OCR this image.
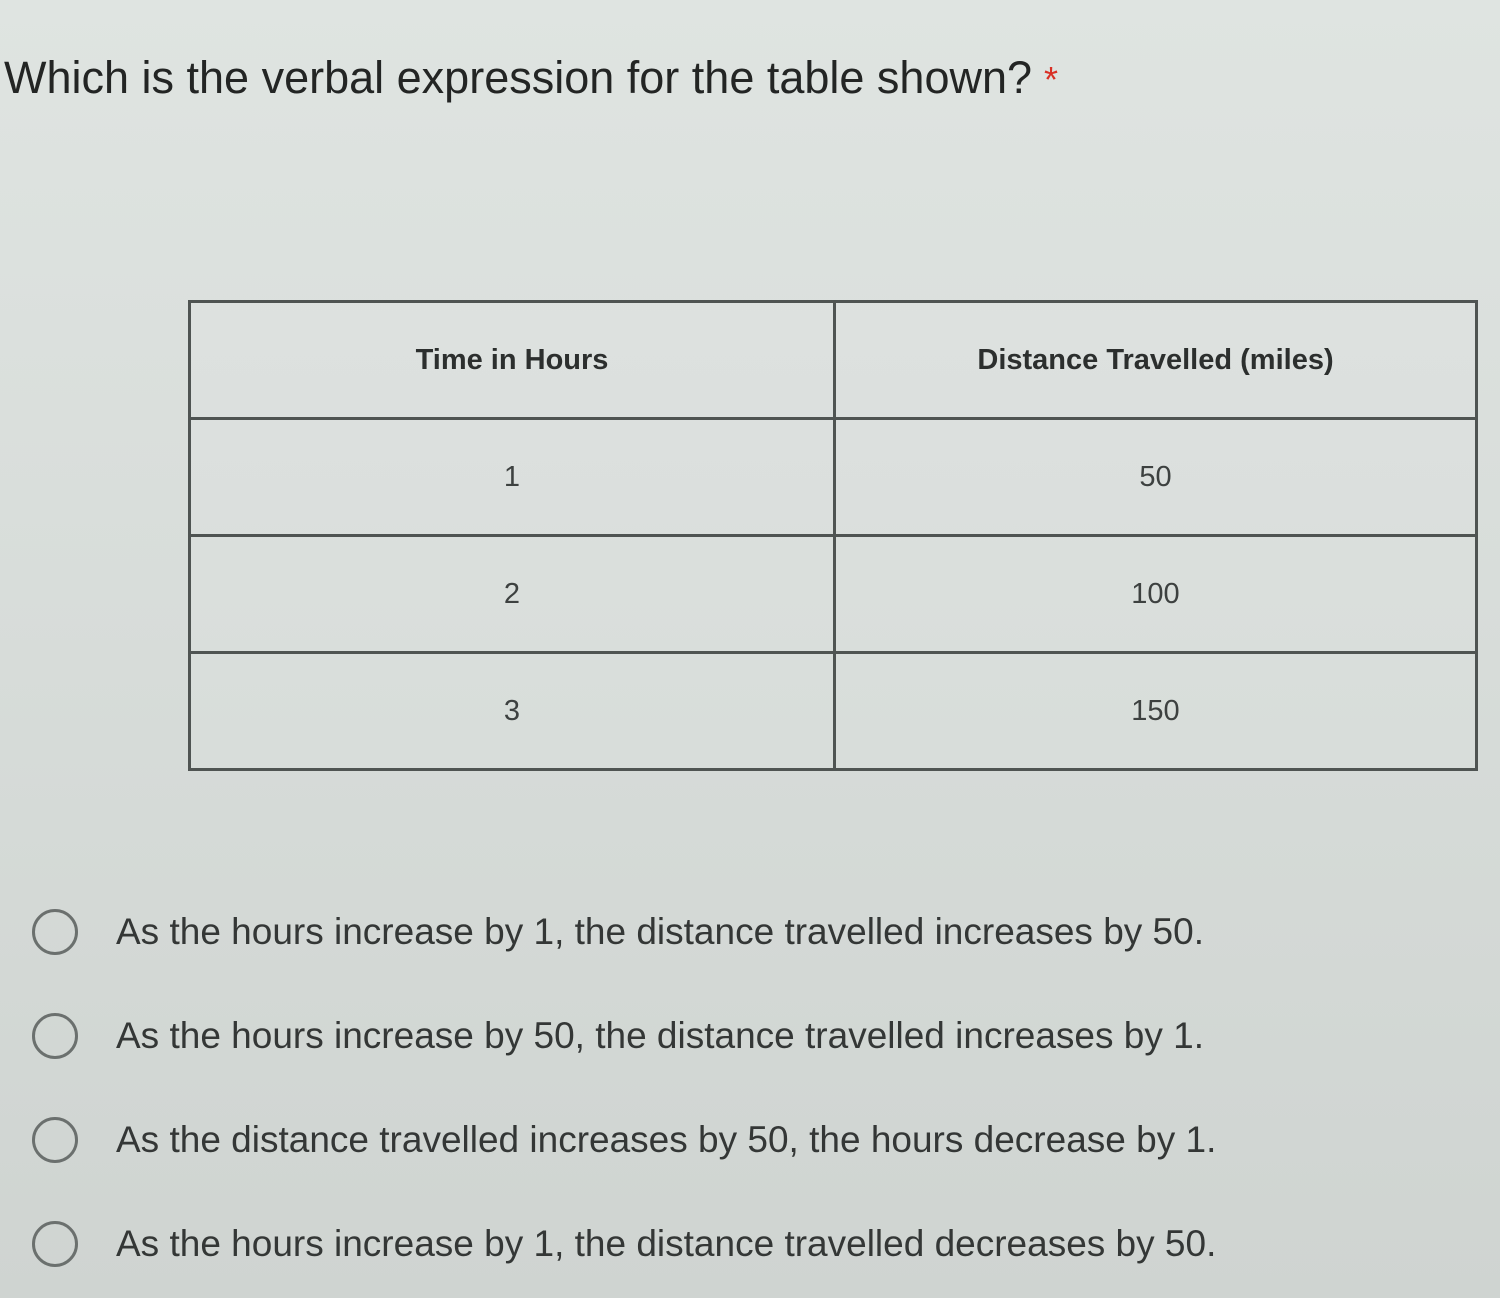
Which is the verbal expression for the table shown? *
Time in Hours	Distance Travelled (miles)
1	50
2	100
3	150
As the hours increase by 1, the distance travelled increases by 50.
As the hours increase by 50, the distance travelled increases by 1.
As the distance travelled increases by 50, the hours decrease by 1.
As the hours increase by 1, the distance travelled decreases by 50.
